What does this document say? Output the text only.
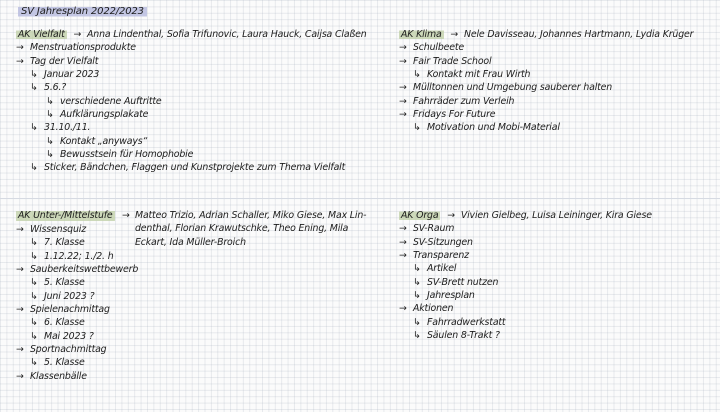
SV Jahresplan 2022/2023
AK Vielfalt → Anna Lindenthal, Sofia Trifunovic, Laura Hauck, Caijsa Claßen
→ Menstruationsprodukte
→ Tag der Vielfalt
↳ Januar 2023
↳ 5.6.?
↳ verschiedene Auftritte
↳ Aufklärungsplakate
↳ 31.10./11.
↳ Kontakt „anyways“
↳ Bewusstsein für Homophobie
↳ Sticker, Bändchen, Flaggen und Kunstprojekte zum Thema Vielfalt
AK Klima → Nele Davisseau, Johannes Hartmann, Lydia Krüger
→ Schulbeete
→ Fair Trade School
↳ Kontakt mit Frau Wirth
→ Mülltonnen und Umgebung sauberer halten
→ Fahrräder zum Verleih
→ Fridays For Future
↳ Motivation und Mobi-Material
AK Unter-/Mittelstufe → Matteo Trizio, Adrian Schaller, Miko Giese, Max Lin-
denthal, Florian Krawutschke, Theo Ening, Mila
Eckart, Ida Müller-Broich
→ Wissensquiz
↳ 7. Klasse
↳ 1.12.22; 1./2. h
→ Sauberkeitswettbewerb
↳ 5. Klasse
↳ Juni 2023 ?
→ Spielenachmittag
↳ 6. Klasse
↳ Mai 2023 ?
→ Sportnachmittag
↳ 5. Klasse
→ Klassenbälle
AK Orga → Vivien Gielbeg, Luisa Leininger, Kira Giese
→ SV-Raum
→ SV-Sitzungen
→ Transparenz
↳ Artikel
↳ SV-Brett nutzen
↳ Jahresplan
→ Aktionen
↳ Fahrradwerkstatt
↳ Säulen 8-Trakt ?
